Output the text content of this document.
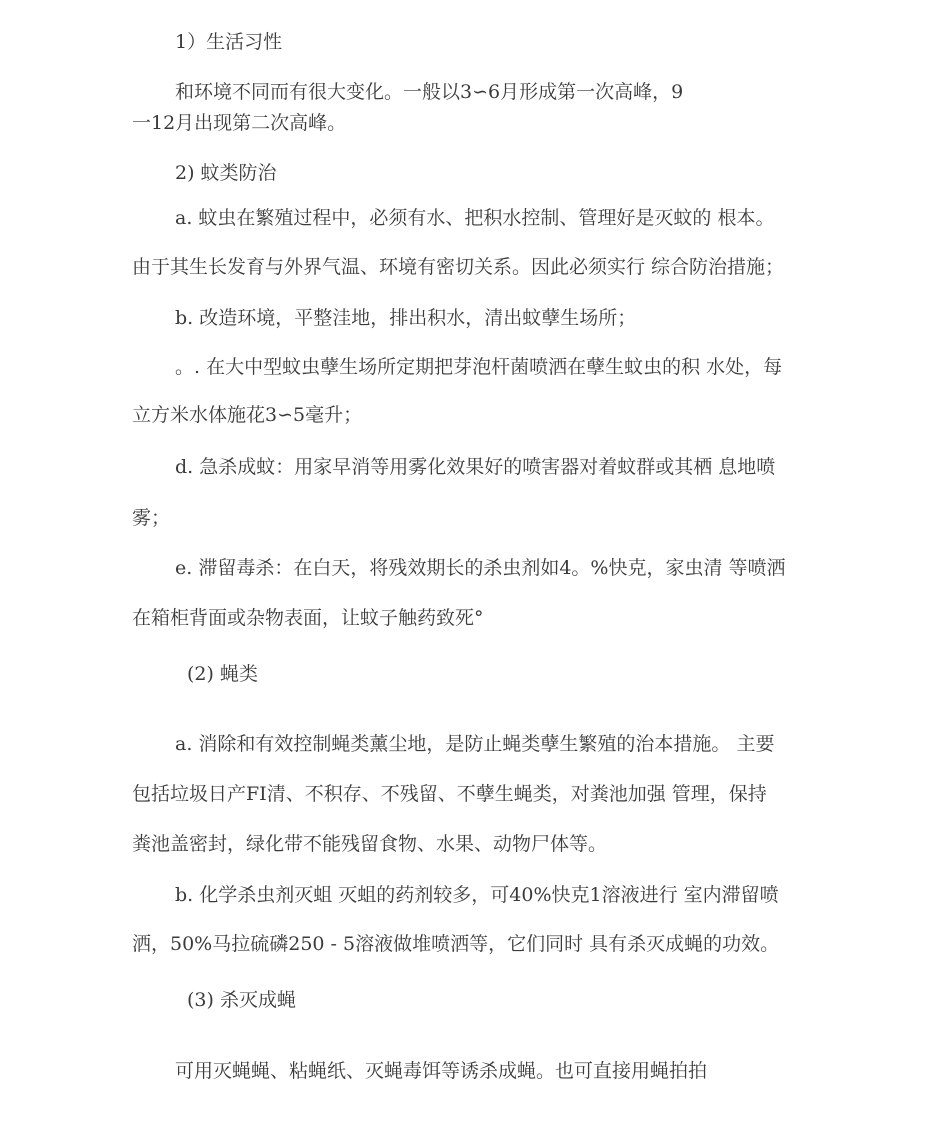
1）生活习性
和环境不同而有很大变化。一般以3∽6月形成第一次高峰，9
一12月出现第二次高峰。
2) 蚊类防治
a. 蚊虫在繁殖过程中，必须有水、把积水控制、管理好是灭蚊的 根本。
由于其生长发育与外界气温、环境有密切关系。因此必须实行 综合防治措施；
b. 改造环境，平整洼地，排出积水，清出蚊孽生场所；
。. 在大中型蚊虫孽生场所定期把芽泡杆菌喷洒在孽生蚊虫的积 水处，每
立方米水体施花3∽5毫升；
d. 急杀成蚊：用家早消等用雾化效果好的喷害器对着蚊群或其栖 息地喷
雾；
e. 滞留毒杀：在白天，将残效期长的杀虫剂如4。%快克，家虫清 等喷洒
在箱柜背面或杂物表面，让蚊子触药致死°
(2) 蝇类
a. 消除和有效控制蝇类薰尘地，是防止蝇类孽生繁殖的治本措施。 主要
包括垃圾日产FI清、不积存、不残留、不孽生蝇类，对粪池加强 管理，保持
粪池盖密封，绿化带不能残留食物、水果、动物尸体等。
b. 化学杀虫剂灭蛆 灭蛆的药剂较多，可40%快克1溶液进行 室内滞留喷
洒，50%马拉硫磷250 - 5溶液做堆喷洒等，它们同时 具有杀灭成蝇的功效。
(3) 杀灭成蝇
可用灭蝇蝇、粘蝇纸、灭蝇毒饵等诱杀成蝇。也可直接用蝇拍拍
